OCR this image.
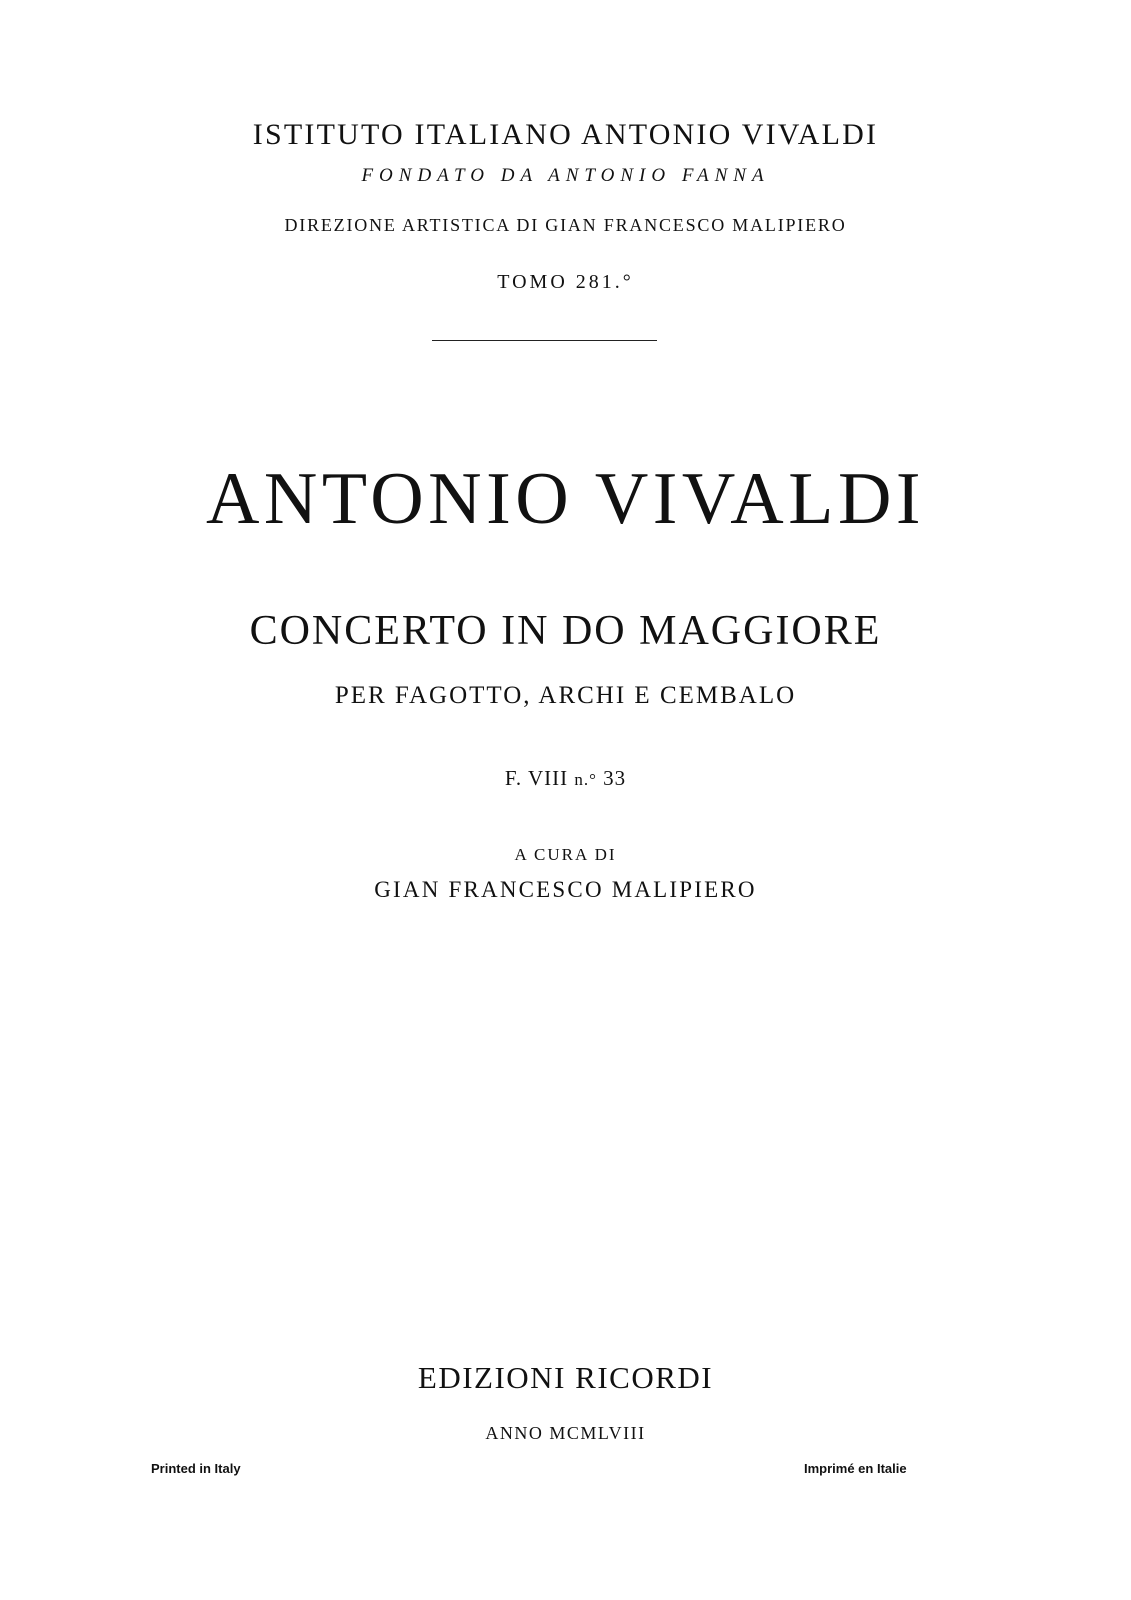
ISTITUTO ITALIANO ANTONIO VIVALDI
FONDATO DA ANTONIO FANNA
DIREZIONE ARTISTICA DI GIAN FRANCESCO MALIPIERO
TOMO 281.°
ANTONIO VIVALDI
CONCERTO IN DO MAGGIORE
PER FAGOTTO, ARCHI E CEMBALO
F. VIII n.° 33
A CURA DI
GIAN FRANCESCO MALIPIERO
EDIZIONI RICORDI
ANNO MCMLVIII
Printed in Italy	Imprimé en Italie
